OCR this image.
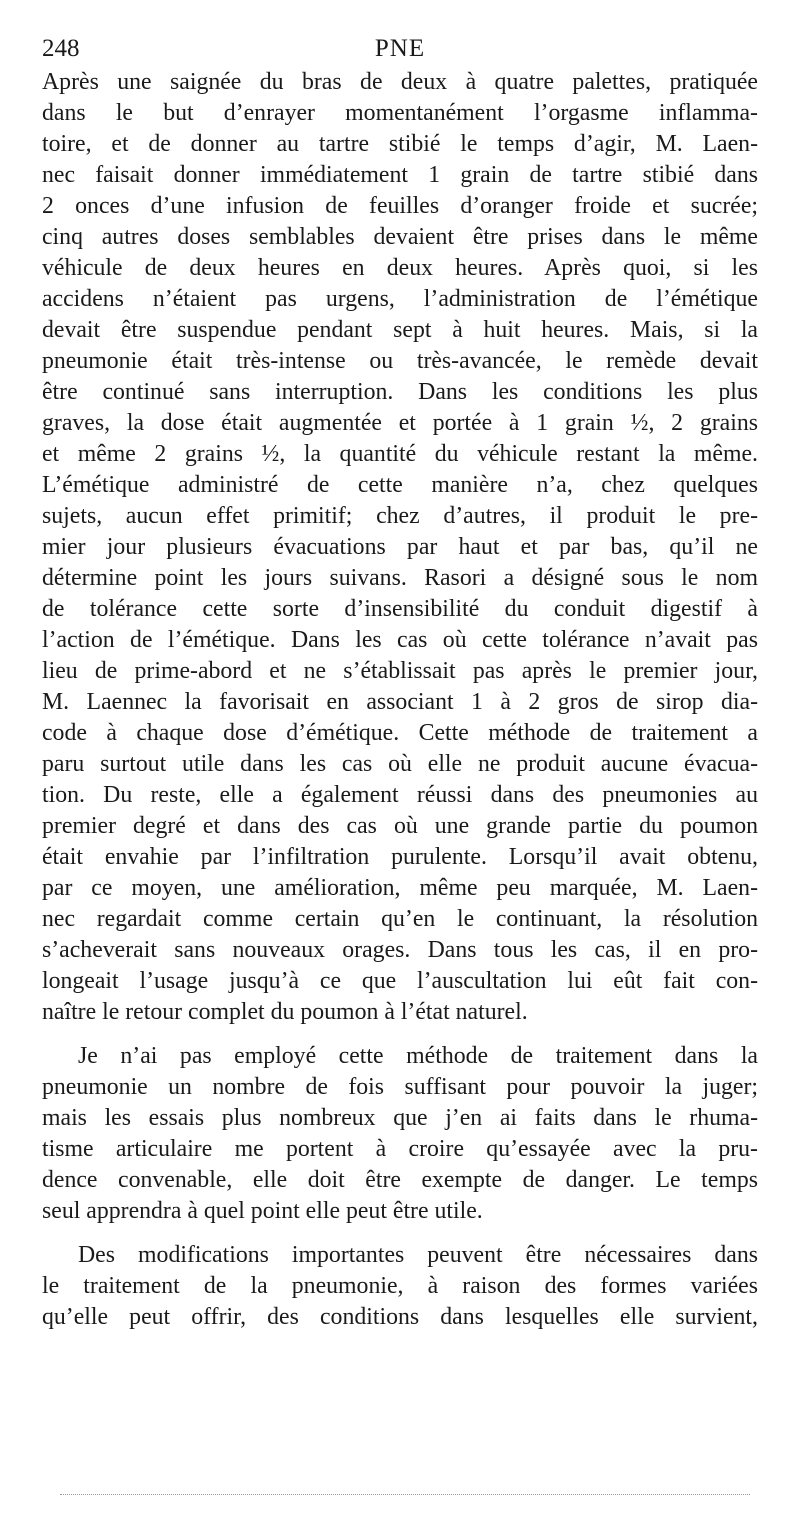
248	PNE
Après une saignée du bras de deux à quatre palettes, pratiquée
dans le but d’enrayer momentanément l’orgasme inflamma-
toire, et de donner au tartre stibié le temps d’agir, M. Laen-
nec faisait donner immédiatement 1 grain de tartre stibié dans
2 onces d’une infusion de feuilles d’oranger froide et sucrée;
cinq autres doses semblables devaient être prises dans le même
véhicule de deux heures en deux heures. Après quoi, si les
accidens n’étaient pas urgens, l’administration de l’émétique
devait être suspendue pendant sept à huit heures. Mais, si la
pneumonie était très-intense ou très-avancée, le remède devait
être continué sans interruption. Dans les conditions les plus
graves, la dose était augmentée et portée à 1 grain ½, 2 grains
et même 2 grains ½, la quantité du véhicule restant la même.
L’émétique administré de cette manière n’a, chez quelques
sujets, aucun effet primitif; chez d’autres, il produit le pre-
mier jour plusieurs évacuations par haut et par bas, qu’il ne
détermine point les jours suivans. Rasori a désigné sous le nom
de tolérance cette sorte d’insensibilité du conduit digestif à
l’action de l’émétique. Dans les cas où cette tolérance n’avait pas
lieu de prime-abord et ne s’établissait pas après le premier jour,
M. Laennec la favorisait en associant 1 à 2 gros de sirop dia-
code à chaque dose d’émétique. Cette méthode de traitement a
paru surtout utile dans les cas où elle ne produit aucune évacua-
tion. Du reste, elle a également réussi dans des pneumonies au
premier degré et dans des cas où une grande partie du poumon
était envahie par l’infiltration purulente. Lorsqu’il avait obtenu,
par ce moyen, une amélioration, même peu marquée, M. Laen-
nec regardait comme certain qu’en le continuant, la résolution
s’acheverait sans nouveaux orages. Dans tous les cas, il en pro-
longeait l’usage jusqu’à ce que l’auscultation lui eût fait con-
naître le retour complet du poumon à l’état naturel.
Je n’ai pas employé cette méthode de traitement dans la
pneumonie un nombre de fois suffisant pour pouvoir la juger;
mais les essais plus nombreux que j’en ai faits dans le rhuma-
tisme articulaire me portent à croire qu’essayée avec la pru-
dence convenable, elle doit être exempte de danger. Le temps
seul apprendra à quel point elle peut être utile.
Des modifications importantes peuvent être nécessaires dans
le traitement de la pneumonie, à raison des formes variées
qu’elle peut offrir, des conditions dans lesquelles elle survient,
